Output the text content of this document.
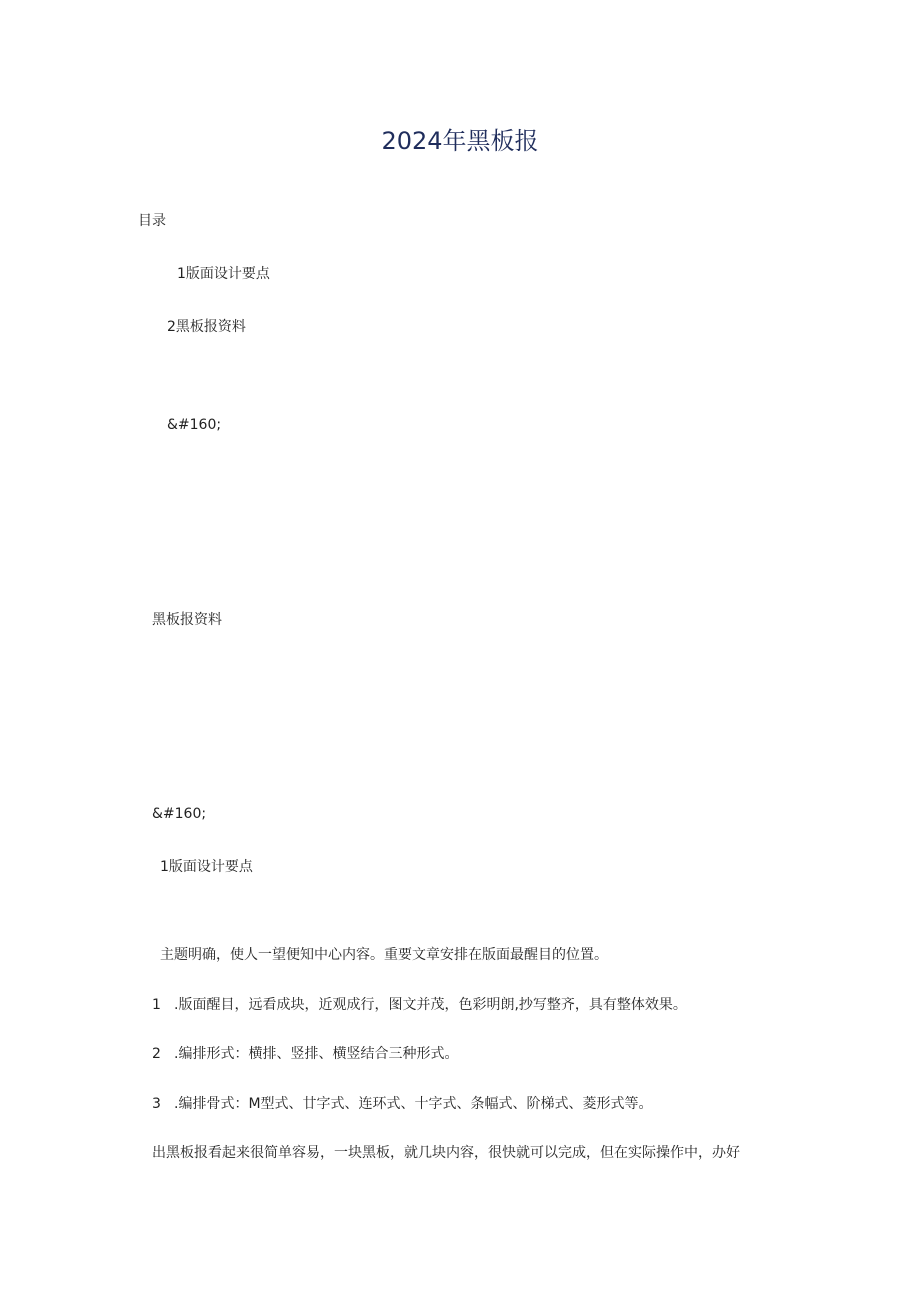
2024年黑板报
目录
1版面设计要点
2黑板报资料
&#160;
黑板报资料
&#160;
1版面设计要点
主题明确，使人一望便知中心内容。重要文章安排在版面最醒目的位置。
1 .版面醒目，远看成块，近观成行，图文并茂，色彩明朗,抄写整齐，具有整体效果。
2 .编排形式：横排、竖排、横竖结合三种形式。
3 .编排骨式：M型式、廿字式、连环式、十字式、条幅式、阶梯式、菱形式等。
出黑板报看起来很简单容易，一块黑板，就几块内容，很快就可以完成，但在实际操作中，办好
